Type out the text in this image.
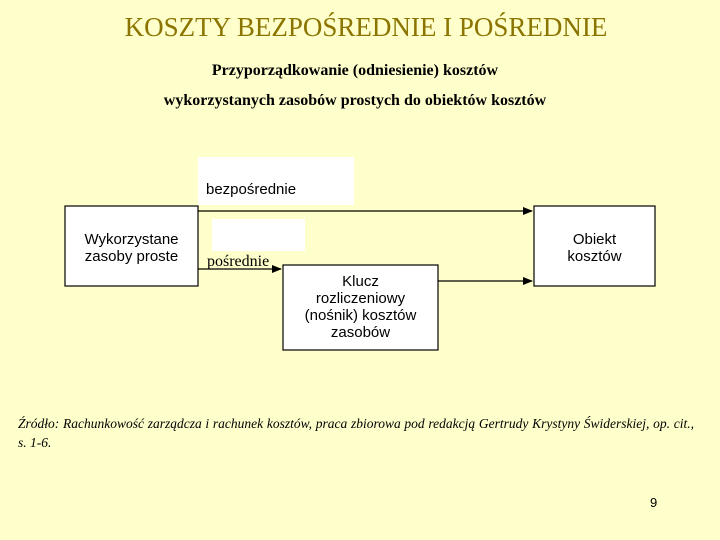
KOSZTY BEZPOŚREDNIE I POŚREDNIE
Przyporządkowanie (odniesienie) kosztów
wykorzystanych zasobów prostych do obiektów kosztów
bezpośrednie
pośrednie
Wykorzystane
zasoby proste
Obiekt
kosztów
Klucz
rozliczeniowy
(nośnik) kosztów
zasobów
Źródło: Rachunkowość zarządcza i rachunek kosztów, praca zbiorowa pod redakcją Gertrudy Krystyny Świderskiej, op. cit., s. 1-6.
9
